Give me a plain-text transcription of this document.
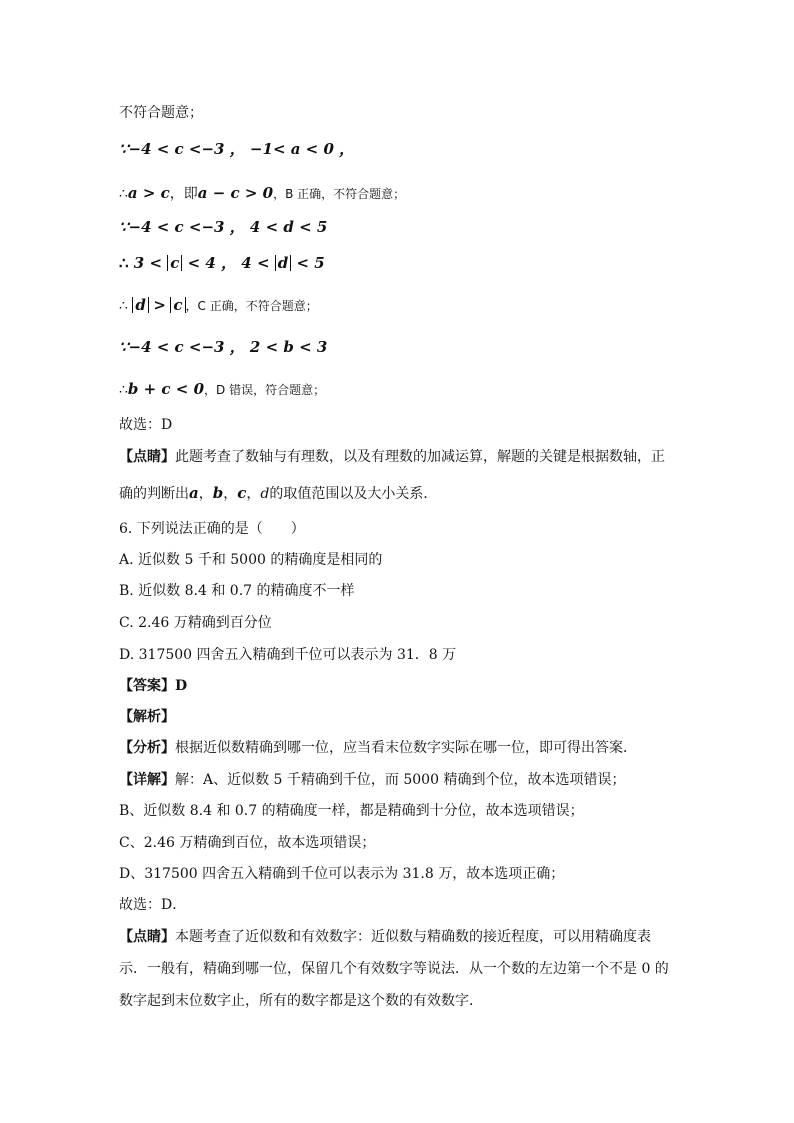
不符合题意；
∵−4 < c <−3 ， −1< a < 0 ，
∴a > c，即a − c > 0，B 正确，不符合题意；
∵−4 < c <−3 ， 4 < d < 5
∴ 3 < c < 4 ， 4 < d < 5
∴ d > c ，C 正确，不符合题意；
∵−4 < c <−3 ， 2 < b < 3
∴b + c < 0，D 错误，符合题意；
故选：D
【点睛】此题考查了数轴与有理数，以及有理数的加减运算，解题的关键是根据数轴，正
确的判断出a，b，c，d的取值范围以及大小关系．
6. 下列说法正确的是（　　）
A. 近似数 5 千和 5000 的精确度是相同的
B. 近似数 8.4 和 0.7 的精确度不一样
C. 2.46 万精确到百分位
D. 317500 四舍五入精确到千位可以表示为 31．8 万
【答案】D
【解析】
【分析】根据近似数精确到哪一位，应当看末位数字实际在哪一位，即可得出答案．
【详解】解：A、近似数 5 千精确到千位，而 5000 精确到个位，故本选项错误；
B、近似数 8.4 和 0.7 的精确度一样，都是精确到十分位，故本选项错误；
C、2.46 万精确到百位，故本选项错误；
D、317500 四舍五入精确到千位可以表示为 31.8 万，故本选项正确；
故选：D．
【点睛】本题考查了近似数和有效数字：近似数与精确数的接近程度，可以用精确度表
示．一般有，精确到哪一位，保留几个有效数字等说法．从一个数的左边第一个不是 0 的
数字起到末位数字止，所有的数字都是这个数的有效数字．
